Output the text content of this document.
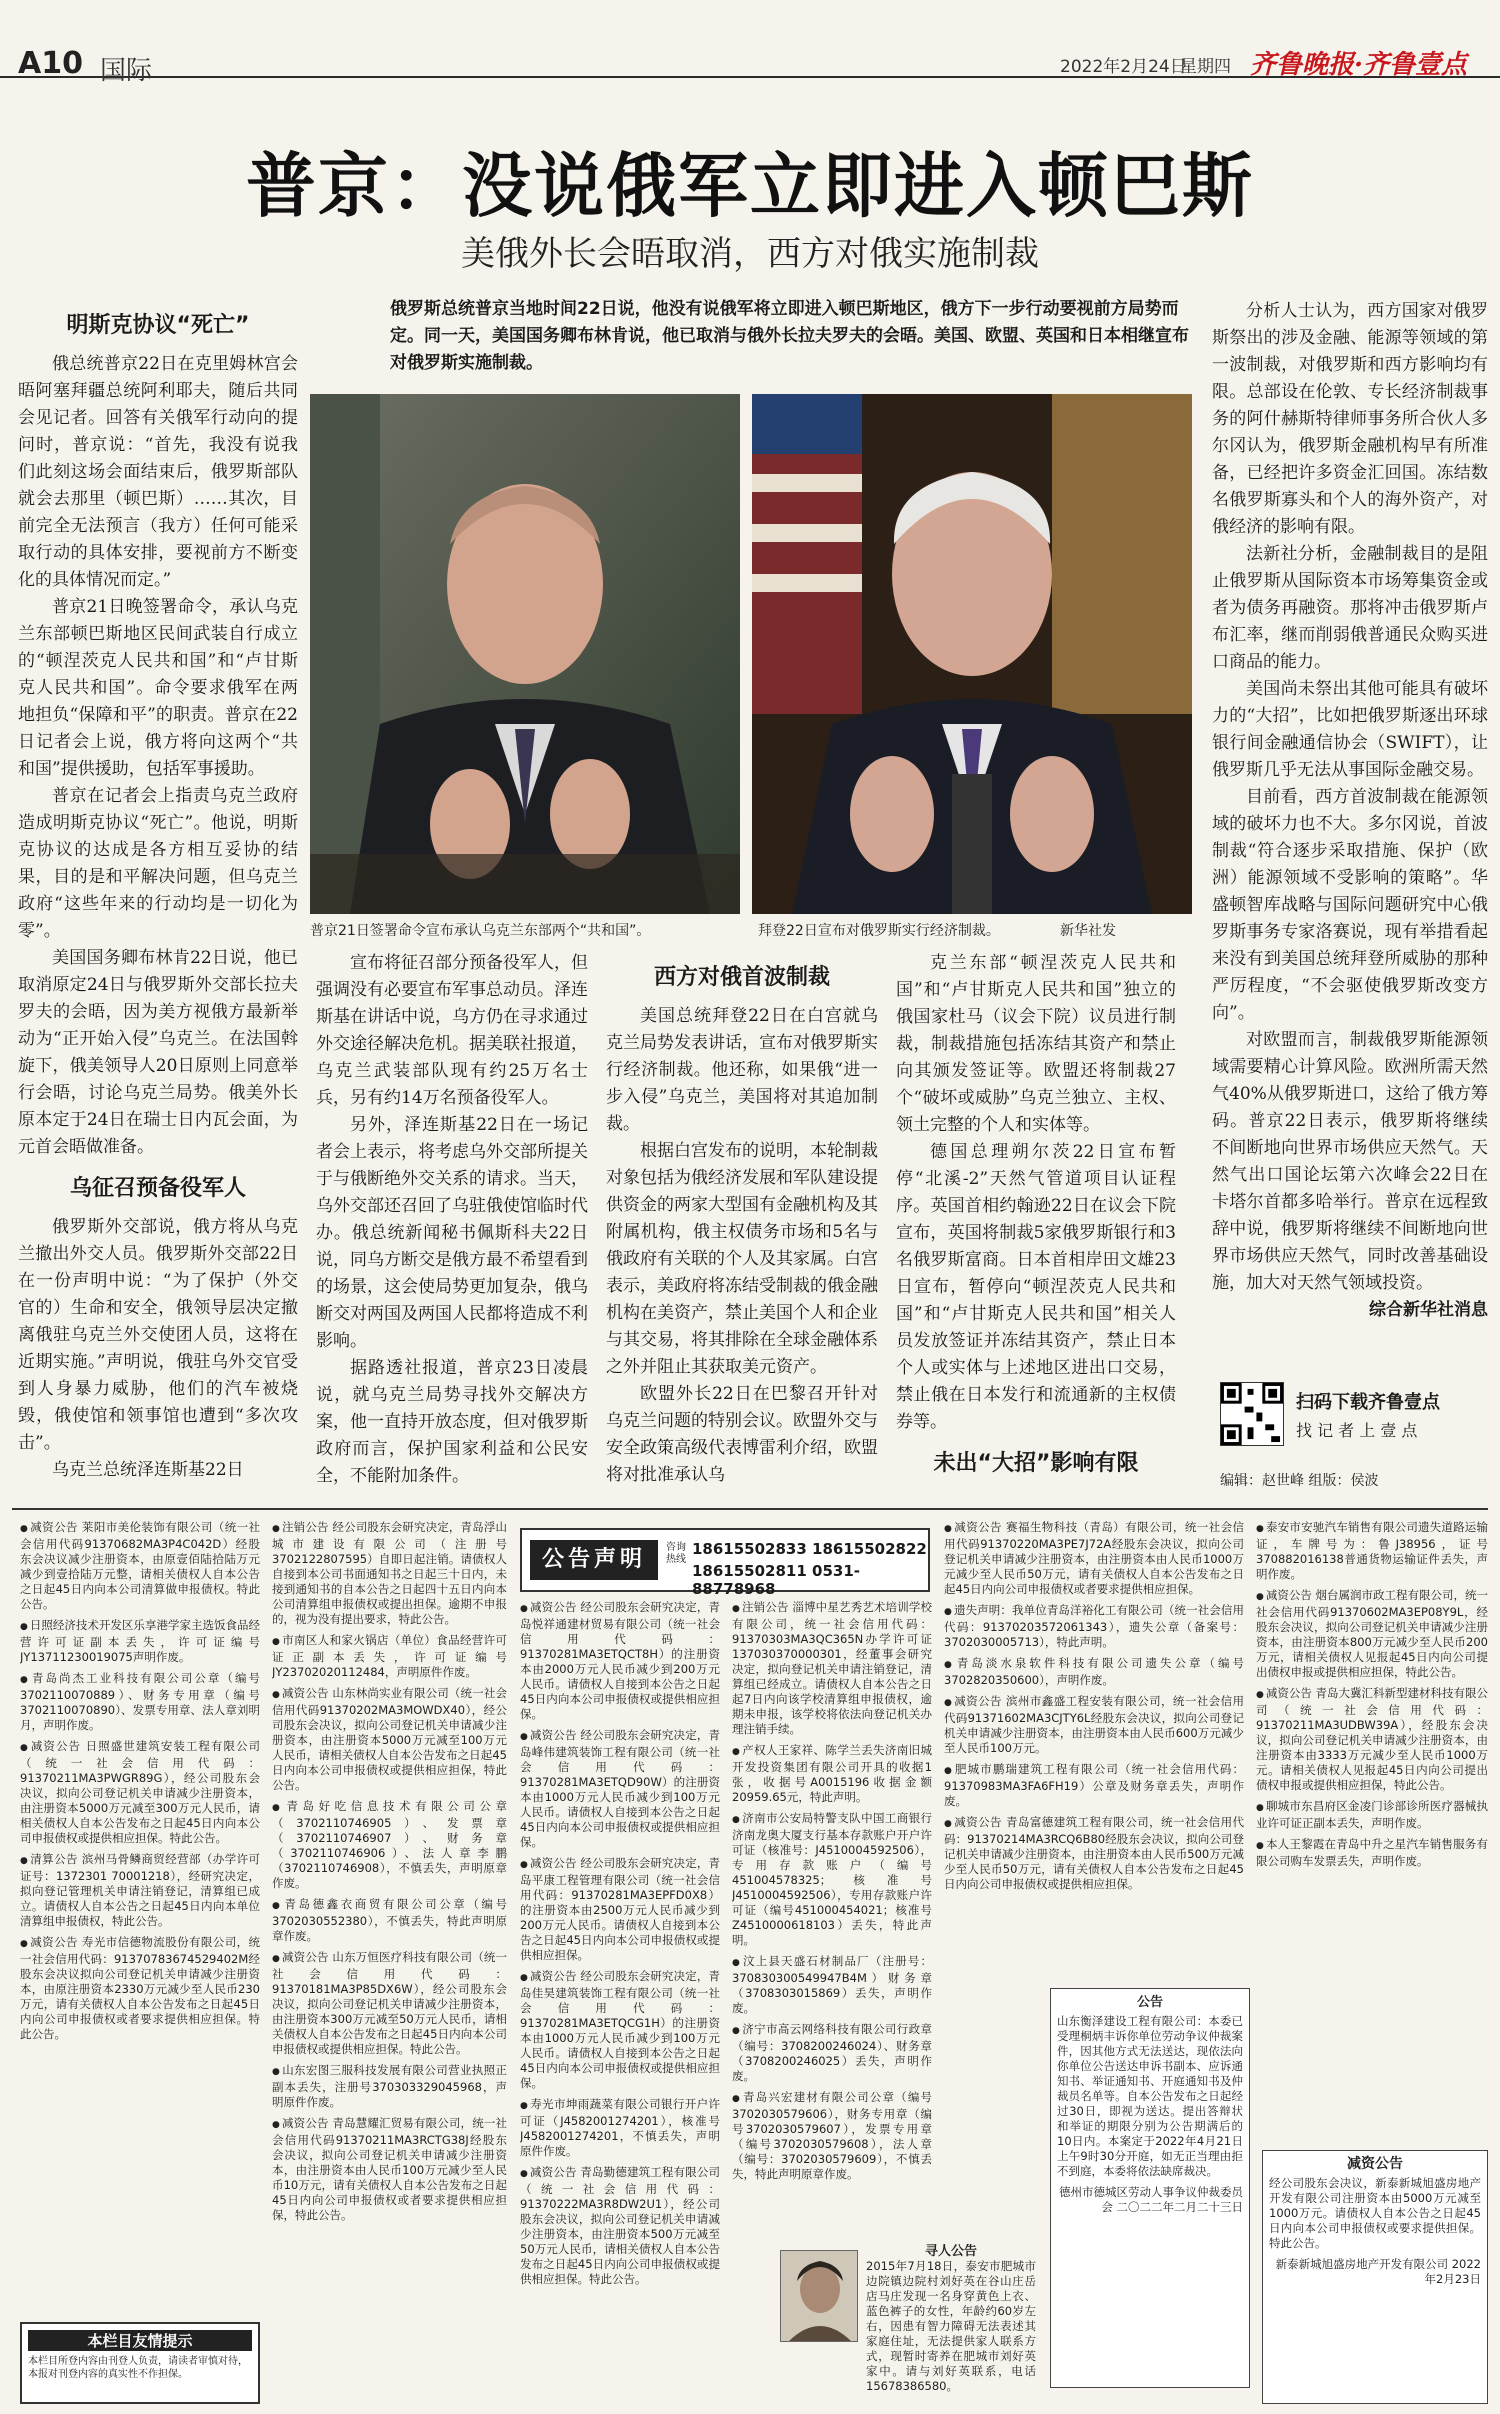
A10 国际	2022年2月24日
星期四 齐鲁晚报·齐鲁壹点
普京：没说俄军立即进入顿巴斯
美俄外长会晤取消，西方对俄实施制裁
俄罗斯总统普京当地时间22日说，他没有说俄军将立即进入顿巴斯地区，俄方下一步行动要视前方局势而定。同一天，美国国务卿布林肯说，他已取消与俄外长拉夫罗夫的会晤。美国、欧盟、英国和日本相继宣布对俄罗斯实施制裁。
明斯克协议“死亡”

俄总统普京22日在克里姆林宫会晤阿塞拜疆总统阿利耶夫，随后共同会见记者。回答有关俄军行动向的提问时，普京说：“首先，我没有说我们此刻这场会面结束后，俄罗斯部队就会去那里（顿巴斯）……其次，目前完全无法预言（我方）任何可能采取行动的具体安排，要视前方不断变化的具体情况而定。”

普京21日晚签署命令，承认乌克兰东部顿巴斯地区民间武装自行成立的“顿涅茨克人民共和国”和“卢甘斯克人民共和国”。命令要求俄军在两地担负“保障和平”的职责。普京在22日记者会上说，俄方将向这两个“共和国”提供援助，包括军事援助。

普京在记者会上指责乌克兰政府造成明斯克协议“死亡”。他说，明斯克协议的达成是各方相互妥协的结果，目的是和平解决问题，但乌克兰政府“这些年来的行动均是一切化为零”。

美国国务卿布林肯22日说，他已取消原定24日与俄罗斯外交部长拉夫罗夫的会晤，因为美方视俄方最新举动为“正开始入侵”乌克兰。在法国斡旋下，俄美领导人20日原则上同意举行会晤，讨论乌克兰局势。俄美外长原本定于24日在瑞士日内瓦会面，为元首会晤做准备。

乌征召预备役军人

俄罗斯外交部说，俄方将从乌克兰撤出外交人员。俄罗斯外交部22日在一份声明中说：“为了保护（外交官的）生命和安全，俄领导层决定撤离俄驻乌克兰外交使团人员，这将在近期实施。”声明说，俄驻乌外交官受到人身暴力威胁，他们的汽车被烧毁，俄使馆和领事馆也遭到“多次攻击”。

乌克兰总统泽连斯基22日

普京21日签署命令宣布承认乌克兰东部两个“共和国”。	拜登22日宣布对俄罗斯实行经济制裁。	新华社发

宣布将征召部分预备役军人，但强调没有必要宣布军事总动员。泽连斯基在讲话中说，乌方仍在寻求通过外交途径解决危机。据美联社报道，乌克兰武装部队现有约25万名士兵，另有约14万名预备役军人。

另外，泽连斯基22日在一场记者会上表示，将考虑乌外交部所提关于与俄断绝外交关系的请求。当天，乌外交部还召回了乌驻俄使馆临时代办。俄总统新闻秘书佩斯科夫22日说，同乌方断交是俄方最不希望看到的场景，这会使局势更加复杂，俄乌断交对两国及两国人民都将造成不利影响。

据路透社报道，普京23日凌晨说，就乌克兰局势寻找外交解决方案，他一直持开放态度，但对俄罗斯政府而言，保护国家利益和公民安全，不能附加条件。

西方对俄首波制裁

美国总统拜登22日在白宫就乌克兰局势发表讲话，宣布对俄罗斯实行经济制裁。他还称，如果俄“进一步入侵”乌克兰，美国将对其追加制裁。

根据白宫发布的说明，本轮制裁对象包括为俄经济发展和军队建设提供资金的两家大型国有金融机构及其附属机构，俄主权债务市场和5名与俄政府有关联的个人及其家属。白宫表示，美政府将冻结受制裁的俄金融机构在美资产，禁止美国个人和企业与其交易，将其排除在全球金融体系之外并阻止其获取美元资产。

欧盟外长22日在巴黎召开针对乌克兰问题的特别会议。欧盟外交与安全政策高级代表博雷利介绍，欧盟将对批准承认乌

克兰东部“顿涅茨克人民共和国”和“卢甘斯克人民共和国”独立的俄国家杜马（议会下院）议员进行制裁，制裁措施包括冻结其资产和禁止向其颁发签证等。欧盟还将制裁27个“破坏或威胁”乌克兰独立、主权、领土完整的个人和实体等。

德国总理朔尔茨22日宣布暂停“北溪-2”天然气管道项目认证程序。英国首相约翰逊22日在议会下院宣布，英国将制裁5家俄罗斯银行和3名俄罗斯富商。日本首相岸田文雄23日宣布，暂停向“顿涅茨克人民共和国”和“卢甘斯克人民共和国”相关人员发放签证并冻结其资产，禁止日本个人或实体与上述地区进出口交易，禁止俄在日本发行和流通新的主权债券等。

未出“大招”影响有限

分析人士认为，西方国家对俄罗斯祭出的涉及金融、能源等领域的第一波制裁，对俄罗斯和西方影响均有限。总部设在伦敦、专长经济制裁事务的阿什赫斯特律师事务所合伙人多尔冈认为，俄罗斯金融机构早有所准备，已经把许多资金汇回国。冻结数名俄罗斯寡头和个人的海外资产，对俄经济的影响有限。

法新社分析，金融制裁目的是阻止俄罗斯从国际资本市场筹集资金或者为债务再融资。那将冲击俄罗斯卢布汇率，继而削弱俄普通民众购买进口商品的能力。

美国尚未祭出其他可能具有破坏力的“大招”，比如把俄罗斯逐出环球银行间金融通信协会（SWIFT），让俄罗斯几乎无法从事国际金融交易。

目前看，西方首波制裁在能源领域的破坏力也不大。多尔冈说，首波制裁“符合逐步采取措施、保护（欧洲）能源领域不受影响的策略”。华盛顿智库战略与国际问题研究中心俄罗斯事务专家洛赛说，现有举措看起来没有到美国总统拜登所威胁的那种严厉程度，“不会驱使俄罗斯改变方向”。

对欧盟而言，制裁俄罗斯能源领域需要精心计算风险。欧洲所需天然气40%从俄罗斯进口，这给了俄方筹码。普京22日表示，俄罗斯将继续不间断地向世界市场供应天然气。天然气出口国论坛第六次峰会22日在卡塔尔首都多哈举行。普京在远程致辞中说，俄罗斯将继续不间断地向世界市场供应天然气，同时改善基础设施，加大对天然气领域投资。

综合新华社消息

扫码下载齐鲁壹点
找 记 者 上 壹 点
编辑：赵世峰 组版：侯波
● 减资公告 莱阳市美伦装饰有限公司（统一社会信用代码91370682MA3P4C042D）经股东会决议减少注册资本，由原壹佰陆拾陆万元减少到壹拾陆万元整，请相关债权人自本公告之日起45日内向本公司清算做申报债权。特此公告。
● 日照经济技术开发区乐享港学家主选饭食品经营许可证副本丢失，许可证编号JY13711230019075声明作废。
● 青岛尚杰工业科技有限公司公章（编号3702110070889）、财务专用章（编号3702110070890）、发票专用章、法人章刘明月，声明作废。
● 减资公告 日照盛世建筑安装工程有限公司（统一社会信用代码：91370211MA3PWGR89G），经公司股东会决议，拟向公司登记机关申请减少注册资本，由注册资本5000万元减至300万元人民币，请相关债权人自本公告发布之日起45日内向本公司申报债权或提供相应担保。特此公告。
● 清算公告 滨州马骨鳞商贸经营部（办学许可证号：1372301 70001218），经研究决定，拟向登记管理机关申请注销登记，清算组已成立。请债权人自本公告之日起45日内向本单位清算组申报债权，特此公告。
● 减资公告 寿光市信德物流股份有限公司，统一社会信用代码：91370783674529402M经股东会决议拟向公司登记机关申请减少注册资本，由原注册资本2330万元减少至人民币230万元，请有关债权人自本公告发布之日起45日内向公司申报债权或者要求提供相应担保。特此公告。
● 注销公告 经公司股东会研究决定，青岛浮山城市建设有限公司（注册号3702122807595）自即日起注销。请债权人自接到本公司书面通知书之日起三十日内，未接到通知书的自本公告之日起四十五日内向本公司清算组申报债权或提出担保。逾期不申报的，视为没有提出要求，特此公告。
● 市南区人和家火锅店（单位）食品经营许可证正副本丢失，许可证编号JY23702020112484，声明原件作废。
● 减资公告 山东林尚实业有限公司（统一社会信用代码91370202MA3MOWDX40），经公司股东会决议，拟向公司登记机关申请减少注册资本，由注册资本5000万元减至100万元人民币，请相关债权人自本公告发布之日起45日内向本公司申报债权或提供相应担保，特此公告。
● 青岛好吃信息技术有限公司公章（3702110746905）、发票章（3702110746907）、财务章（3702110746906）、法人章李鹏（3702110746908），不慎丢失，声明原章作废。
● 青岛德鑫衣商贸有限公司公章（编号3702030552380），不慎丢失，特此声明原章作废。
● 减资公告 山东万恒医疗科技有限公司（统一社会信用代码：91370181MA3P85DX6W），经公司股东会决议，拟向公司登记机关申请减少注册资本，由注册资本300万元减至50万元人民币，请相关债权人自本公告发布之日起45日内向本公司申报债权或提供相应担保。特此公告。
● 山东宏图三服科技发展有限公司营业执照正副本丢失，注册号370303329045968，声明原件作废。
● 减资公告 青岛慧耀汇贸易有限公司，统一社会信用代码91370211MA3RCTG38J经股东会决议，拟向公司登记机关申请减少注册资本，由注册资本由人民币100万元减少至人民币10万元，请有关债权人自本公告发布之日起45日内向公司申报债权或者要求提供相应担保，特此公告。
公告声明	咨询热线
18615502833 18615502822
18615502811 0531-88778968
● 减资公告 经公司股东会研究决定，青岛悦祥通建材贸易有限公司（统一社会信用代码：91370281MA3ETQCT8H）的注册资本由2000万元人民币减少到200万元人民币。请债权人自接到本公告之日起45日内向本公司申报债权或提供相应担保。
● 减资公告 经公司股东会研究决定，青岛峰伟建筑装饰工程有限公司（统一社会信用代码：91370281MA3ETQD90W）的注册资本由1000万元人民币减少到100万元人民币。请债权人自接到本公告之日起45日内向本公司申报债权或提供相应担保。
● 减资公告 经公司股东会研究决定，青岛平康工程管理有限公司（统一社会信用代码：91370281MA3EPFD0X8）的注册资本由2500万元人民币减少到200万元人民币。请债权人自接到本公告之日起45日内向本公司申报债权或提供相应担保。
● 减资公告 经公司股东会研究决定，青岛佳昊建筑装饰工程有限公司（统一社会信用代码：91370281MA3ETQCG1H）的注册资本由1000万元人民币减少到100万元人民币。请债权人自接到本公告之日起45日内向本公司申报债权或提供相应担保。
● 寿光市坤雨蔬菜有限公司银行开户许可证（J4582001274201），核准号J4582001274201，不慎丢失，声明原件作废。
● 减资公告 青岛勤德建筑工程有限公司（统一社会信用代码：91370222MA3R8DW2U1），经公司股东会决议，拟向公司登记机关申请减少注册资本，由注册资本500万元减至50万元人民币，请相关债权人自本公告发布之日起45日内向公司申报债权或提供相应担保。特此公告。
● 注销公告 淄博中星艺秀艺术培训学校有限公司，统一社会信用代码：91370303MA3QC365N办学许可证137030370000301，经董事会研究决定，拟向登记机关申请注销登记，清算组已经成立。请债权人自本公告之日起7日内向该学校清算组申报债权，逾期未申报，该学校将依法向登记机关办理注销手续。
● 产权人王家祥、陈学兰丢失济南旧城开发投资集团有限公司开具的收据1张，收据号A0015196收据金额20959.65元，特此声明。
● 济南市公安局特警支队中国工商银行济南龙奥大厦支行基本存款账户开户许可证（核准号：J4510004592506），专用存款账户（编号451004578325；核准号J4510004592506），专用存款账户许可证（编号451000454021；核准号Z4510000618103）丢失，特此声明。
● 汶上县天盛石材制品厂（注册号：370830300549947B4M）财务章（3708303015869）丢失，声明作废。
● 济宁市高云网络科技有限公司行政章（编号：3708200246024）、财务章（3708200246025）丢失，声明作废。
● 青岛兴宏建材有限公司公章（编号3702030579606），财务专用章（编号3702030579607），发票专用章（编号3702030579608），法人章（编号：3702030579609），不慎丢失，特此声明原章作废。
寻人公告
2015年7月18日，泰安市肥城市边院镇边院村刘好英在谷山庄岳店马庄发现一名身穿黄色上衣、蓝色裤子的女性，年龄约60岁左右，因患有智力障碍无法表述其家庭住址，无法提供家人联系方式，现暂时寄养在肥城市刘好英家中。请与刘好英联系，电话15678386580。
● 减资公告 赛福生物科技（青岛）有限公司，统一社会信用代码91370220MA3PE7J72A经股东会决议，拟向公司登记机关申请减少注册资本，由注册资本由人民币1000万元减少至人民币50万元，请有关债权人自本公告发布之日起45日内向公司申报债权或者要求提供相应担保。
● 遗失声明：我单位青岛洋裕化工有限公司（统一社会信用代码：91370203572061343），遗失公章（备案号：3702030005713），特此声明。
● 青岛淡水泉软件科技有限公司遗失公章（编号3702820350600），声明作废。
● 减资公告 滨州市鑫盛工程安装有限公司，统一社会信用代码91371602MA3CJTY6L经股东会决议，拟向公司登记机关申请减少注册资本，由注册资本由人民币600万元减少至人民币100万元。
● 肥城市鹏瑞建筑工程有限公司（统一社会信用代码：91370983MA3FA6FH19）公章及财务章丢失，声明作废。
● 减资公告 青岛富德建筑工程有限公司，统一社会信用代码：91370214MA3RCQ6B80经股东会决议，拟向公司登记机关申请减少注册资本，由注册资本由人民币500万元减少至人民币50万元，请有关债权人自本公告发布之日起45日内向公司申报债权或提供相应担保。
● 泰安市安驰汽车销售有限公司遗失道路运输证，车牌号为：鲁J38956，证号370882016138普通货物运输证件丢失，声明作废。
● 减资公告 烟台属润市政工程有限公司，统一社会信用代码91370602MA3EP08Y9L，经股东会决议，拟向公司登记机关申请减少注册资本，由注册资本800万元减少至人民币200万元，请相关债权人见报起45日内向公司提出债权申报或提供相应担保，特此公告。
● 减资公告 青岛大冀汇科新型建材科技有限公司（统一社会信用代码：91370211MA3UDBW39A），经股东会决议，拟向公司登记机关申请减少注册资本，由注册资本由3333万元减少至人民币1000万元。请相关债权人见报起45日内向公司提出债权申报或提供相应担保，特此公告。
● 聊城市东昌府区金凌门诊部诊所医疗器械执业许可证正副本丢失，声明作废。
● 本人王黎霞在青岛中升之星汽车销售服务有限公司购车发票丢失，声明作废。
本栏目友情提示
本栏目所登内容由刊登人负责，请读者审慎对待，本报对刊登内容的真实性不作担保。
公告
山东衡泽建设工程有限公司：本委已受理桐炳丰诉你单位劳动争议仲裁案件，因其他方式无法送达，现依法向你单位公告送达申诉书副本、应诉通知书、举证通知书、开庭通知书及仲裁员名单等。自本公告发布之日起经过30日，即视为送达。提出答辩状和举证的期限分别为公告期满后的10日内。本案定于2022年4月21日上午9时30分开庭，如无正当理由拒不到庭，本委将依法缺席裁决。
德州市德城区劳动人事争议仲裁委员会 二〇二二年二月二十三日
减资公告
经公司股东会决议，新泰新城旭盛房地产开发有限公司注册资本由5000万元减至1000万元。请债权人自本公告之日起45日内向本公司申报债权或要求提供担保。特此公告。
新泰新城旭盛房地产开发有限公司 2022年2月23日
